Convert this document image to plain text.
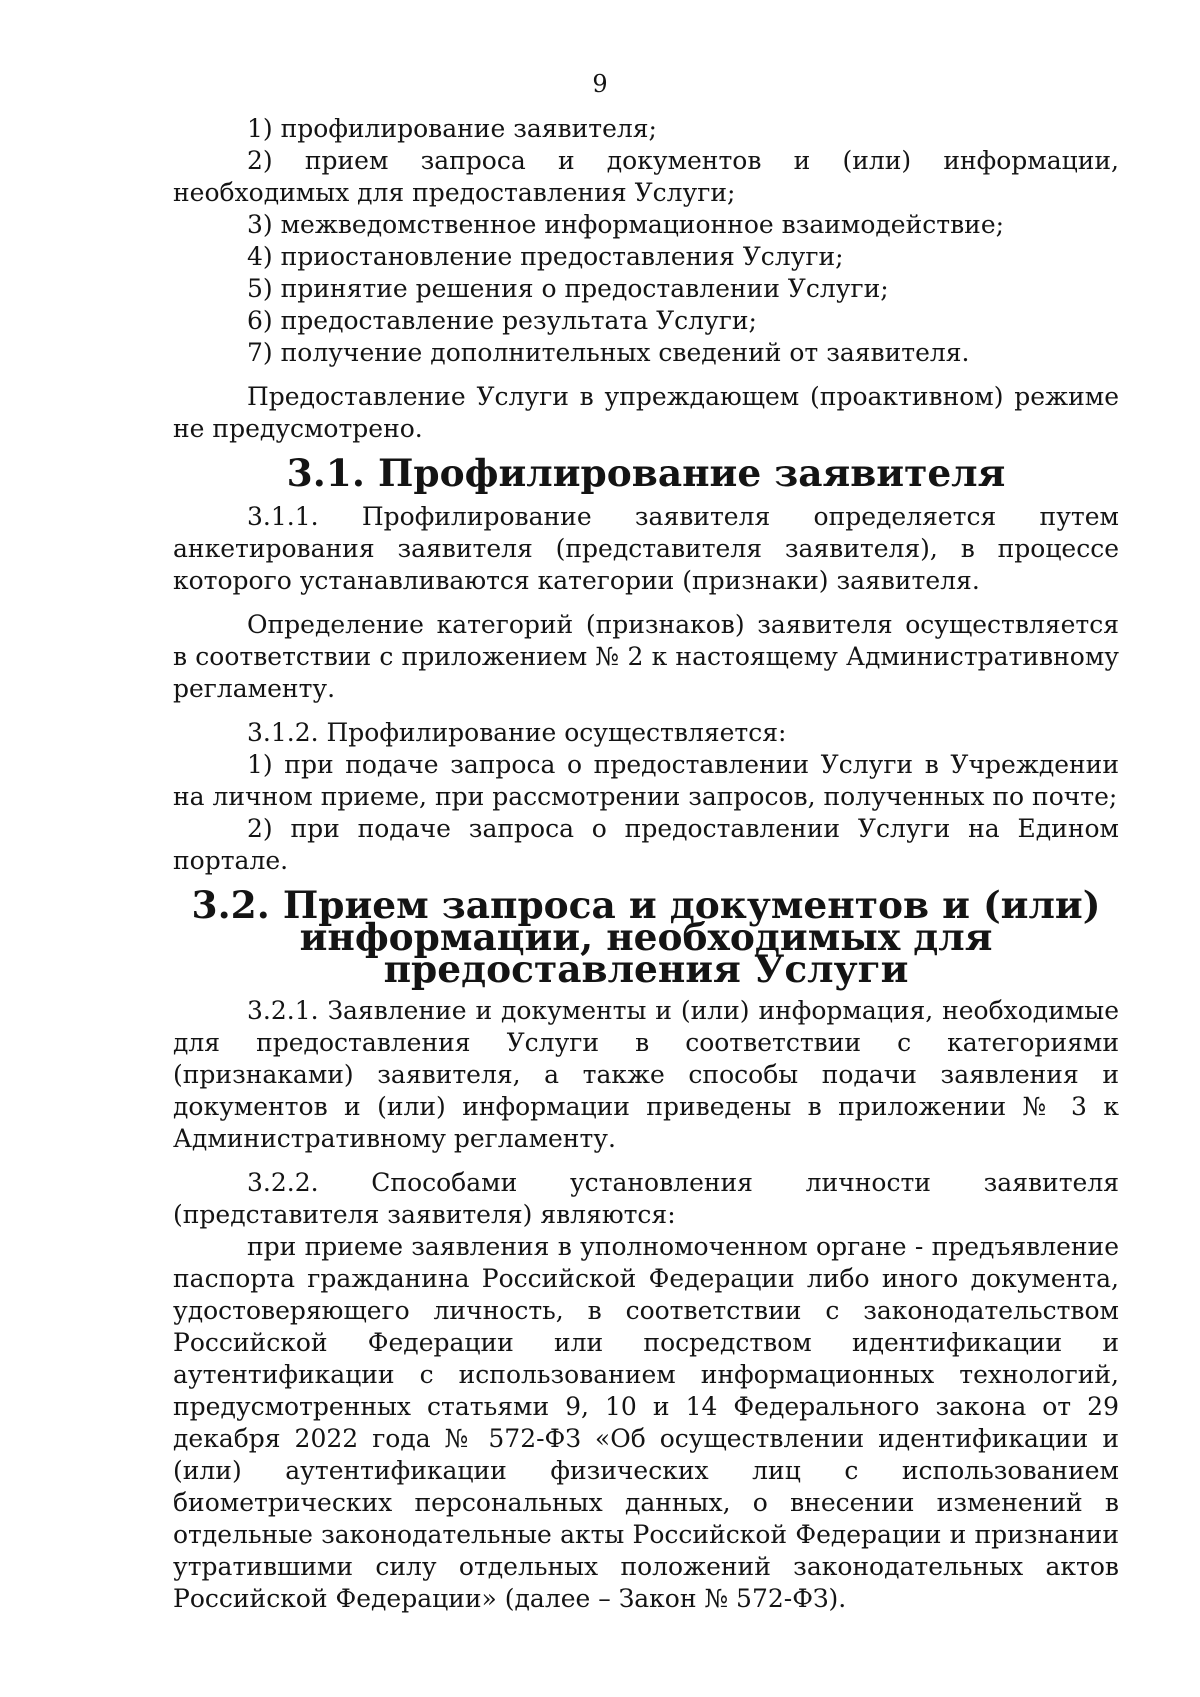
9

1) профилирование заявителя;

2) прием запроса и документов и (или) информации, необходимых для предоставления Услуги;

3) межведомственное информационное взаимодействие;

4) приостановление предоставления Услуги;

5) принятие решения о предоставлении Услуги;

6) предоставление результата Услуги;

7) получение дополнительных сведений от заявителя.

Предоставление Услуги в упреждающем (проактивном) режиме не предусмотрено.

3.1. Профилирование заявителя

3.1.1. Профилирование заявителя определяется путем анкетирования заявителя (представителя заявителя), в процессе которого устанавливаются категории (признаки) заявителя.

Определение категорий (признаков) заявителя осуществляется в соответствии с приложением № 2 к настоящему Административному регламенту.

3.1.2. Профилирование осуществляется:

1) при подаче запроса о предоставлении Услуги в Учреждении на личном приеме, при рассмотрении запросов, полученных по почте;

2) при подаче запроса о предоставлении Услуги на Едином портале.

3.2. Прием запроса и документов и (или) информации, необходимых для
предоставления Услуги

3.2.1. Заявление и документы и (или) информация, необходимые для предоставления Услуги в соответствии с категориями (признаками) заявителя, а также способы подачи заявления и документов и (или) информации приведены в приложении № 3 к Административному регламенту.

3.2.2. Способами установления личности заявителя (представителя заявителя) являются:

при приеме заявления в уполномоченном органе - предъявление паспорта гражданина Российской Федерации либо иного документа, удостоверяющего личность, в соответствии с законодательством Российской Федерации или посредством идентификации и аутентификации с использованием информационных технологий, предусмотренных статьями 9, 10 и 14 Федерального закона от 29 декабря 2022 года № 572-ФЗ «Об осуществлении идентификации и (или) аутентификации физических лиц с использованием биометрических персональных данных, о внесении изменений в отдельные законодательные акты Российской Федерации и признании утратившими силу отдельных положений законодательных актов Российской Федерации» (далее – Закон № 572-ФЗ).
